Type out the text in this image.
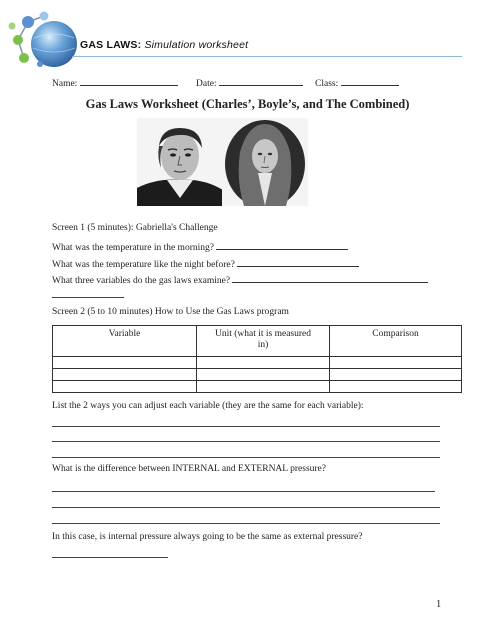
GAS LAWS: Simulation worksheet
Name:	Date:	Class:
Gas Laws Worksheet (Charles’, Boyle’s, and The Combined)
Screen 1 (5 minutes): Gabriella's Challenge
What was the temperature in the morning?
What was the temperature like the night before?
What three variables do the gas laws examine?
Screen 2 (5 to 10 minutes) How to Use the Gas Laws program
Variable	Unit (what it is measured in)	Comparison

List the 2 ways you can adjust each variable (they are the same for each variable):
What is the difference between INTERNAL and EXTERNAL pressure?
In this case, is internal pressure always going to be the same as external pressure?
1
